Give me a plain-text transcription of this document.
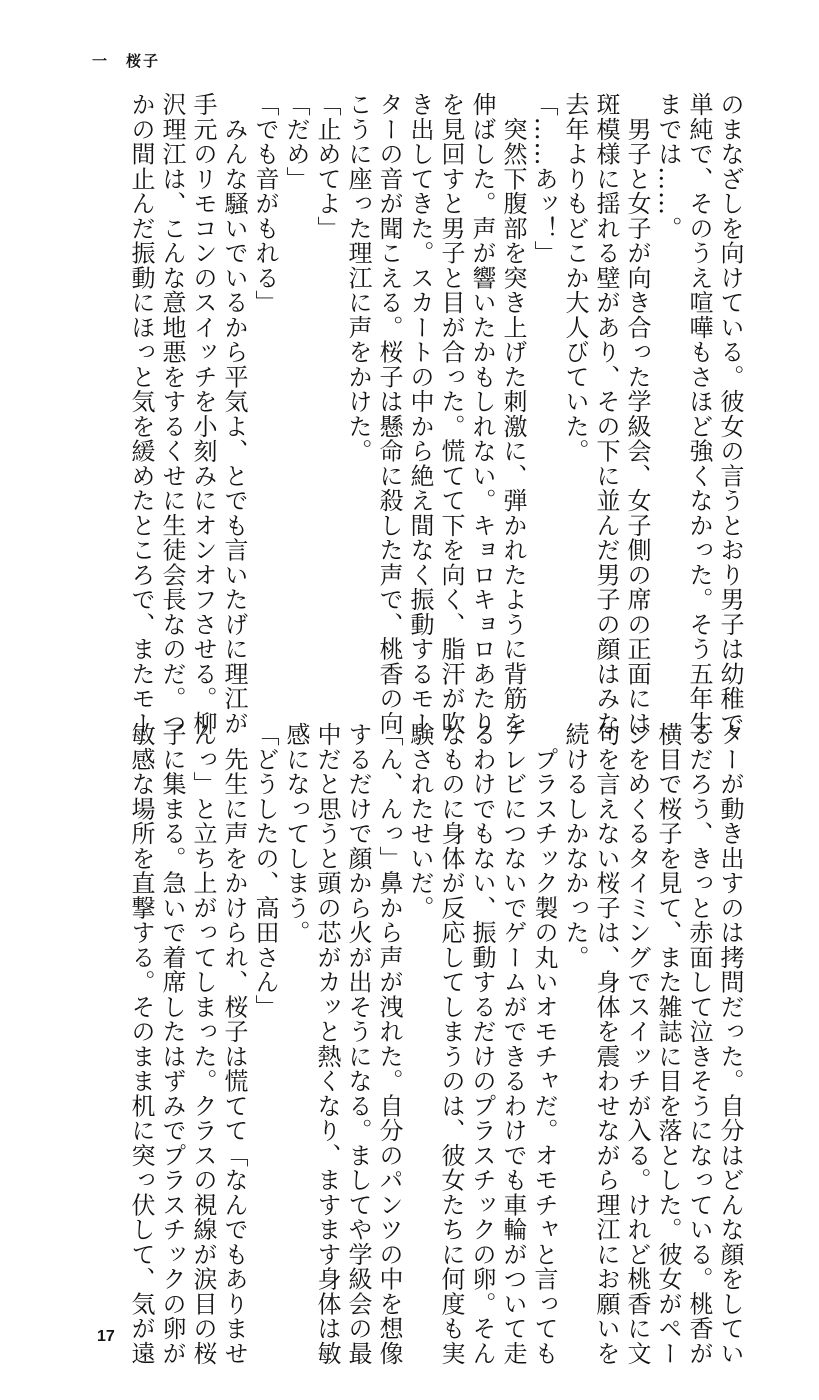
一　桜子
のまなざしを向けている。彼女の言うとおり男子は幼稚で
単純で、そのうえ喧嘩もさほど強くなかった。そう五年生
までは……。
　男子と女子が向き合った学級会、女子側の席の正面には
斑模様に揺れる壁があり、その下に並んだ男子の顔はみな
去年よりもどこか大人びていた。
「……あッ！」
　突然下腹部を突き上げた刺激に、弾かれたように背筋を
伸ばした。声が響いたかもしれない。キョロキョロあたり
を見回すと男子と目が合った。慌てて下を向く、脂汗が吹
き出してきた。スカートの中から絶え間なく振動するモー
ターの音が聞こえる。桜子は懸命に殺した声で、桃香の向
こうに座った理江に声をかけた。
「止めてよ」
「だめ」
「でも音がもれる」
　みんな騒いでいるから平気よ、とでも言いたげに理江が
手元のリモコンのスイッチを小刻みにオンオフさせる。柳
沢理江は、こんな意地悪をするくせに生徒会長なのだ。つ
かの間止んだ振動にほっと気を緩めたところで、またモー
ターが動き出すのは拷問だった。自分はどんな顔をしてい
るだろう、きっと赤面して泣きそうになっている。桃香が
横目で桜子を見て、また雑誌に目を落とした。彼女がペー
ジをめくるタイミングでスイッチが入る。けれど桃香に文
句を言えない桜子は、身体を震わせながら理江にお願いを
続けるしかなかった。
　プラスチック製の丸いオモチャだ。オモチャと言っても
テレビにつないでゲームができるわけでも車輪がついて走
るわけでもない、振動するだけのプラスチックの卵。そん
なものに身体が反応してしまうのは、彼女たちに何度も実
験されたせいだ。
「ん、んっ」鼻から声が洩れた。自分のパンツの中を想像
するだけで顔から火が出そうになる。ましてや学級会の最
中だと思うと頭の芯がカッと熱くなり、ますます身体は敏
感になってしまう。
「どうしたの、高田さん」
　先生に声をかけられ、桜子は慌てて「なんでもありませ
んっ」と立ち上がってしまった。クラスの視線が涙目の桜
子に集まる。急いで着席したはずみでプラスチックの卵が
敏感な場所を直撃する。そのまま机に突っ伏して、気が遠
17
